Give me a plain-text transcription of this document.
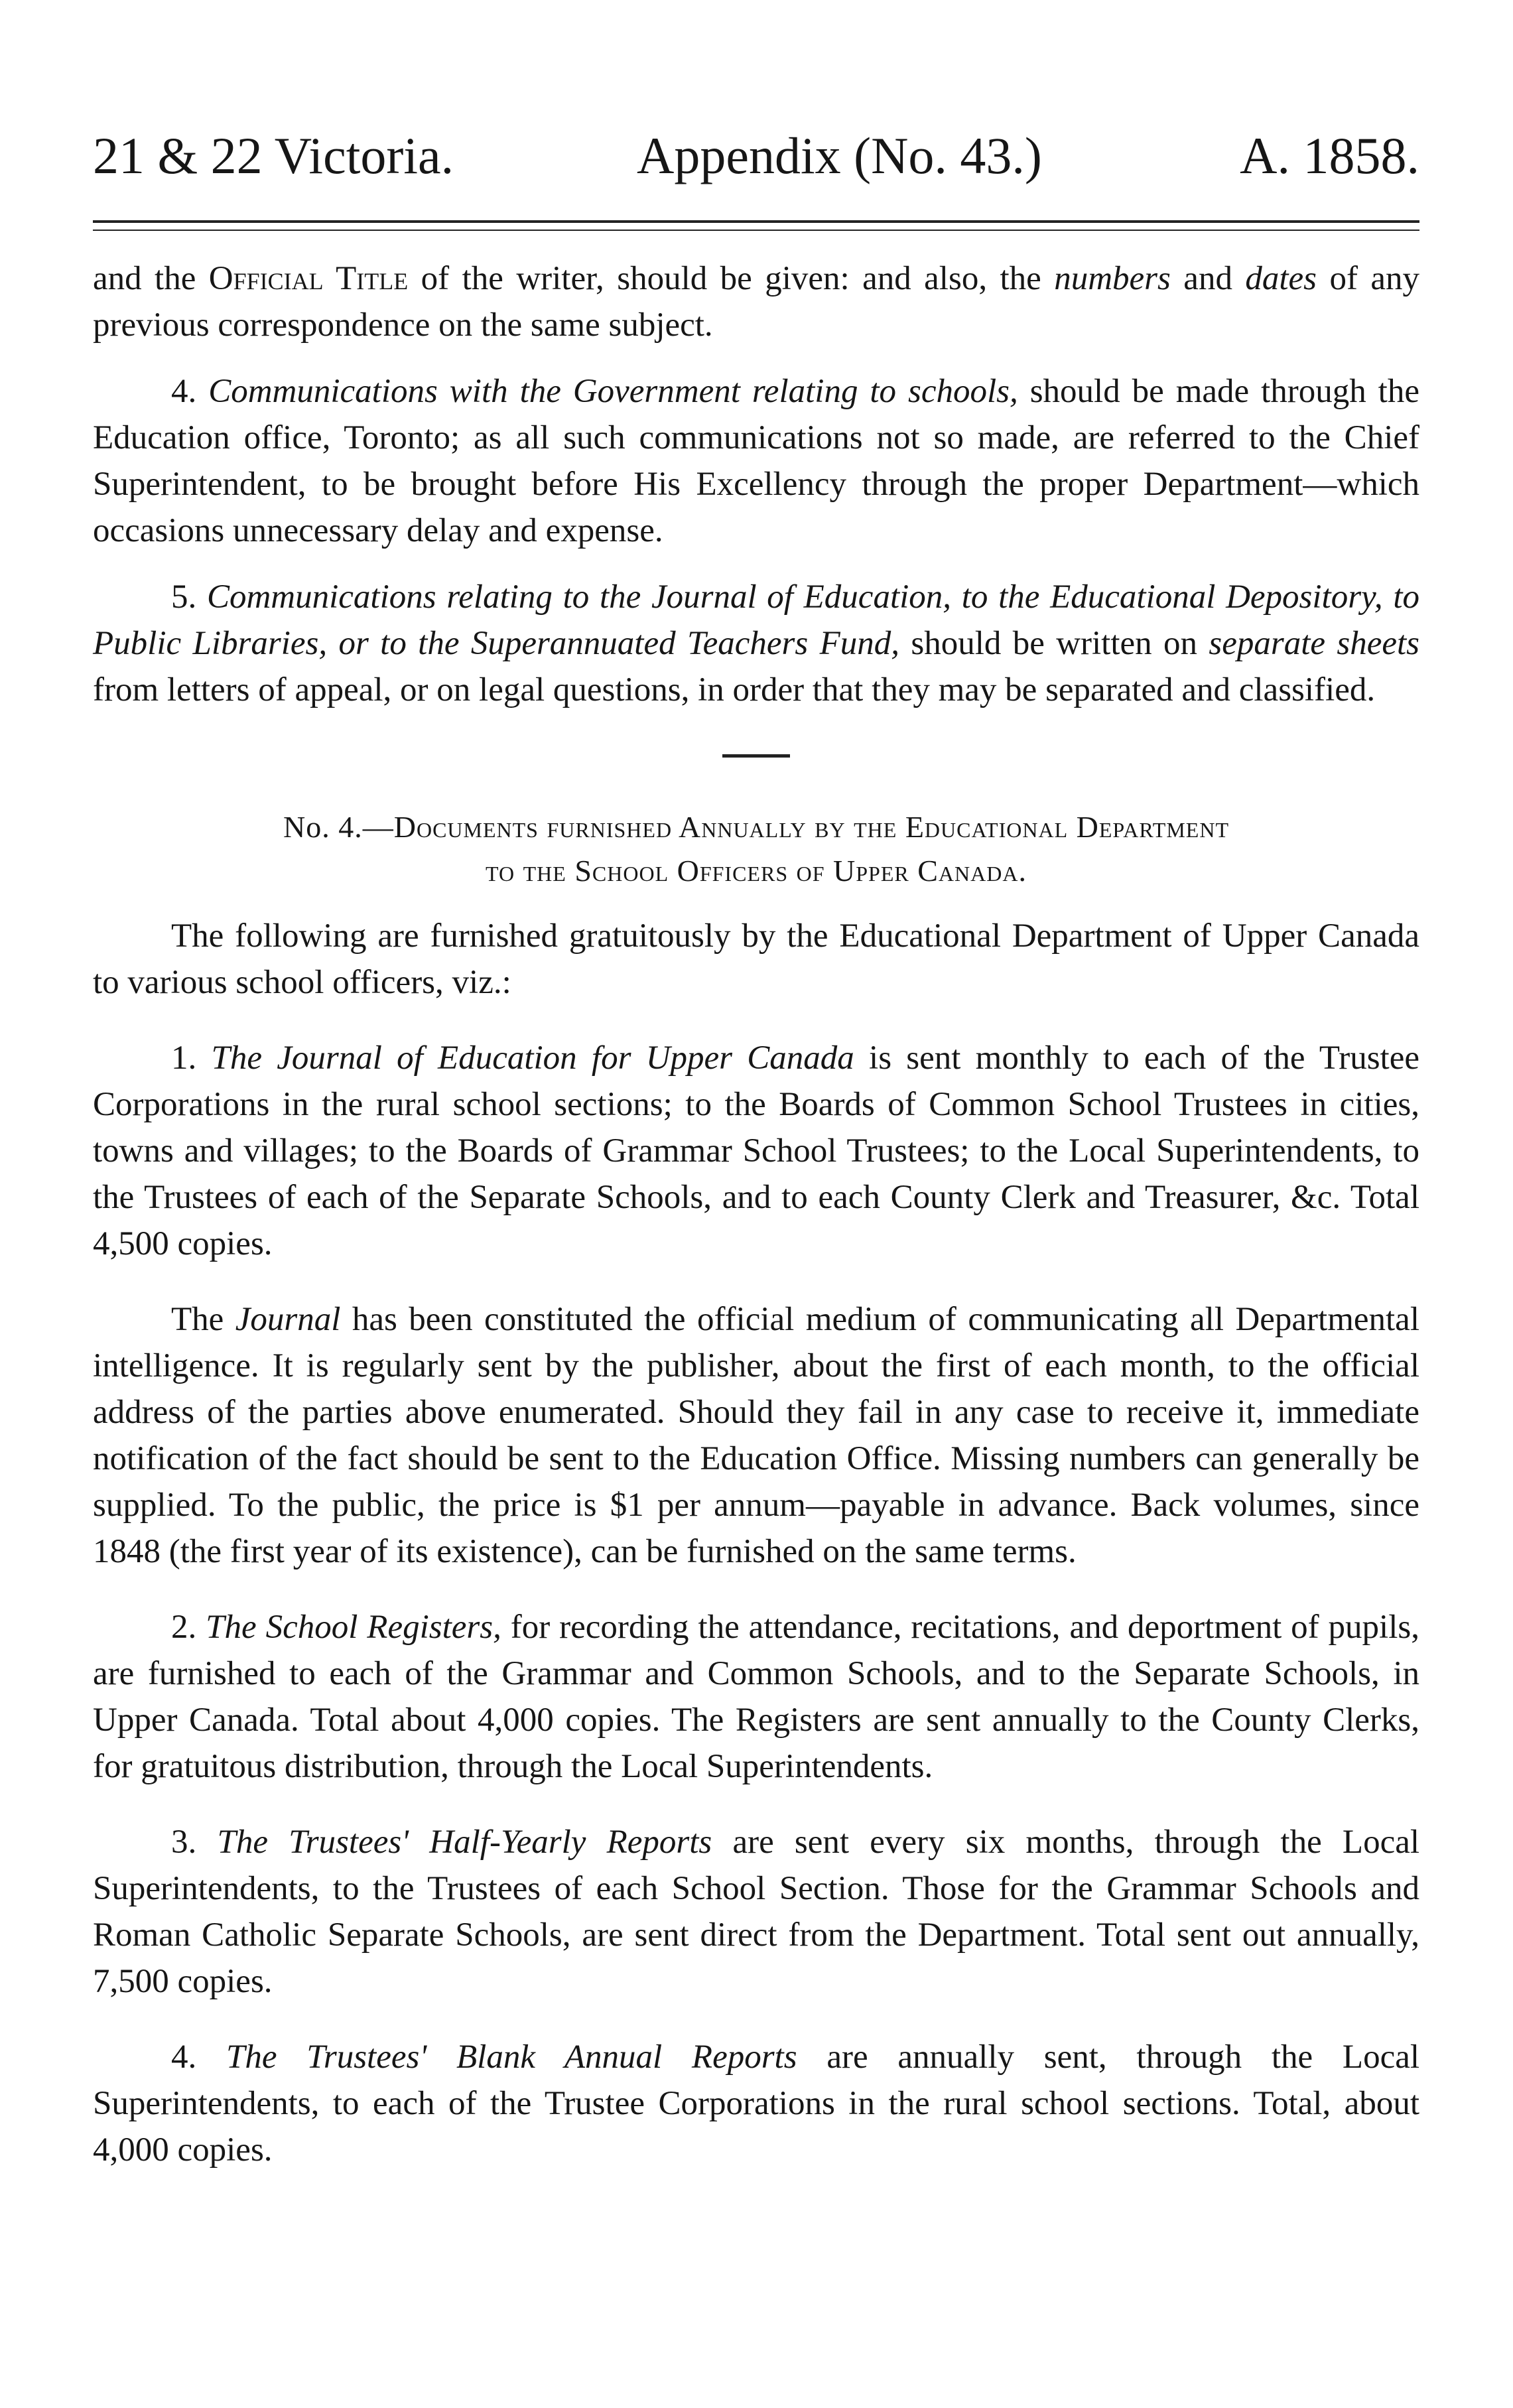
21 & 22 Victoria.	Appendix (No. 43.)	A. 1858.

and the Official Title of the writer, should be given: and also, the numbers and dates of any previous correspondence on the same subject.

4. Communications with the Government relating to schools, should be made through the Education office, Toronto; as all such communications not so made, are referred to the Chief Superintendent, to be brought before His Excellency through the proper Department—which occasions unnecessary delay and expense.

5. Communications relating to the Journal of Education, to the Educational Depository, to Public Libraries, or to the Superannuated Teachers Fund, should be written on separate sheets from letters of appeal, or on legal questions, in order that they may be separated and classified.

No. 4.—Documents furnished Annually by the Educational Department
to the School Officers of Upper Canada.

The following are furnished gratuitously by the Educational Department of Upper Canada to various school officers, viz.:

1. The Journal of Education for Upper Canada is sent monthly to each of the Trustee Corporations in the rural school sections; to the Boards of Common School Trustees in cities, towns and villages; to the Boards of Grammar School Trustees; to the Local Superintendents, to the Trustees of each of the Separate Schools, and to each County Clerk and Treasurer, &c. Total 4,500 copies.

The Journal has been constituted the official medium of communicating all Departmental intelligence. It is regularly sent by the publisher, about the first of each month, to the official address of the parties above enumerated. Should they fail in any case to receive it, immediate notification of the fact should be sent to the Education Office. Missing numbers can generally be supplied. To the public, the price is $1 per annum—payable in advance. Back volumes, since 1848 (the first year of its existence), can be furnished on the same terms.

2. The School Registers, for recording the attendance, recitations, and deportment of pupils, are furnished to each of the Grammar and Common Schools, and to the Separate Schools, in Upper Canada. Total about 4,000 copies. The Registers are sent annually to the County Clerks, for gratuitous distribution, through the Local Superintendents.

3. The Trustees' Half-Yearly Reports are sent every six months, through the Local Superintendents, to the Trustees of each School Section. Those for the Grammar Schools and Roman Catholic Separate Schools, are sent direct from the Department. Total sent out annually, 7,500 copies.

4. The Trustees' Blank Annual Reports are annually sent, through the Local Superintendents, to each of the Trustee Corporations in the rural school sections. Total, about 4,000 copies.
